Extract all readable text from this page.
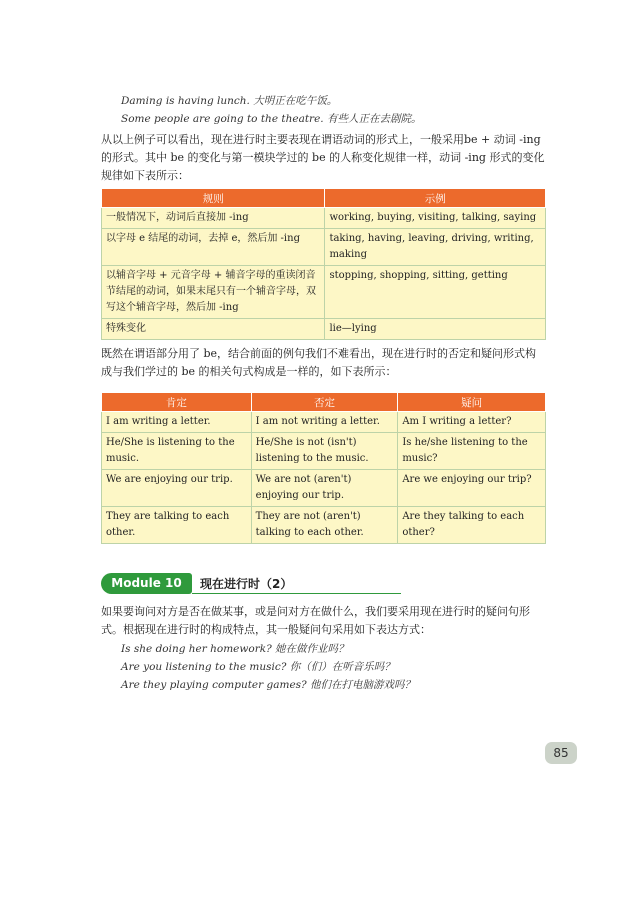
Daming is having lunch. 大明正在吃午饭。
Some people are going to the theatre. 有些人正在去剧院。
从以上例子可以看出，现在进行时主要表现在谓语动词的形式上，一般采用be + 动词 -ing 的形式。其中 be 的变化与第一模块学过的 be 的人称变化规律一样，动词 -ing 形式的变化规律如下表所示：
规则	示例
一般情况下，动词后直接加 -ing	working, buying, visiting, talking, saying
以字母 e 结尾的动词，去掉 e，然后加 -ing	taking, having, leaving, driving, writing, making
以辅音字母 + 元音字母 + 辅音字母的重读闭音节结尾的动词，如果末尾只有一个辅音字母，双写这个辅音字母，然后加 -ing	stopping, shopping, sitting, getting
特殊变化	lie—lying
既然在谓语部分用了 be，结合前面的例句我们不难看出，现在进行时的否定和疑问形式构成与我们学过的 be 的相关句式构成是一样的，如下表所示：
肯定	否定	疑问
I am writing a letter.	I am not writing a letter.	Am I writing a letter?
He/She is listening to the music.	He/She is not (isn't) listening to the music.	Is he/she listening to the music?
We are enjoying our trip.	We are not (aren't) enjoying our trip.	Are we enjoying our trip?
They are talking to each other.	They are not (aren't) talking to each other.	Are they talking to each other?
Module 10	现在进行时（2）
如果要询问对方是否在做某事，或是问对方在做什么，我们要采用现在进行时的疑问句形式。根据现在进行时的构成特点，其一般疑问句采用如下表达方式：
Is she doing her homework? 她在做作业吗？
Are you listening to the music? 你（们）在听音乐吗？
Are they playing computer games? 他们在打电脑游戏吗？
85
